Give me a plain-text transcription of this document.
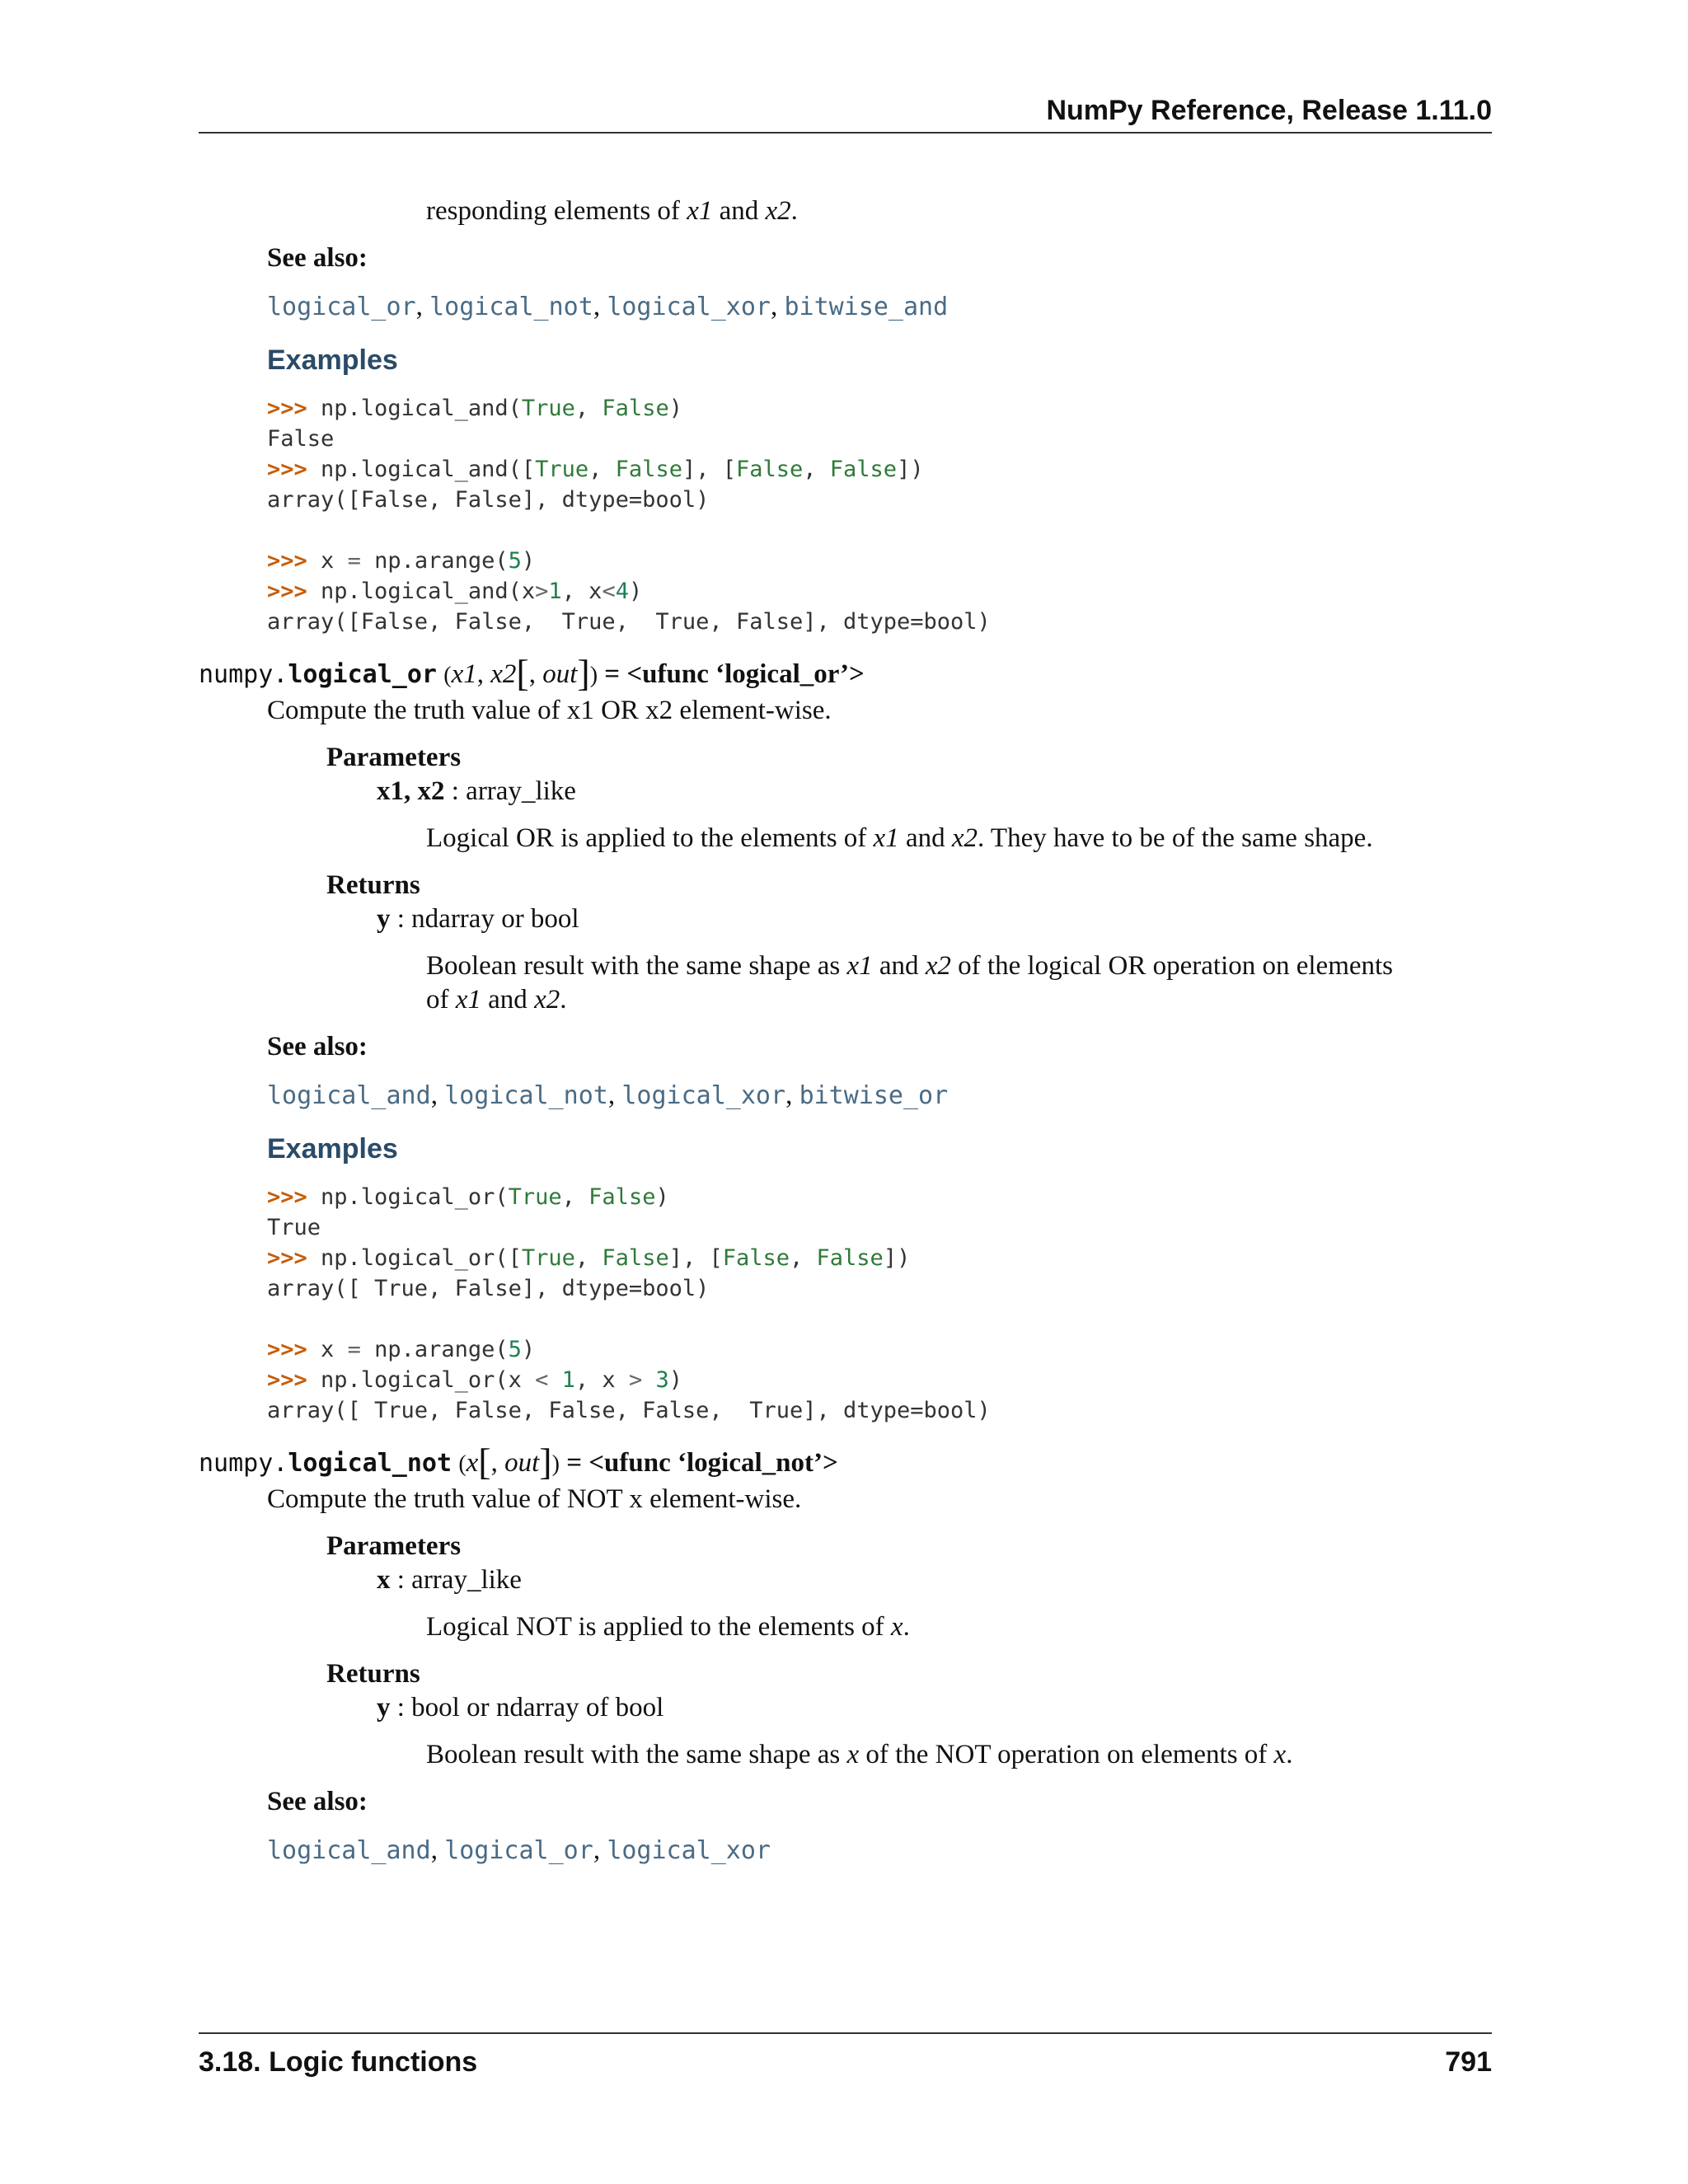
NumPy Reference, Release 1.11.0
responding elements of x1 and x2.
See also:
logical_or, logical_not, logical_xor, bitwise_and
Examples
>>> np.logical_and(True, False)
False
>>> np.logical_and([True, False], [False, False])
array([False, False], dtype=bool)
>>> x = np.arange(5)
>>> np.logical_and(x>1, x<4)
array([False, False,  True,  True, False], dtype=bool)
numpy.logical_or (x1, x2[, out]) = <ufunc ‘logical_or’>
Compute the truth value of x1 OR x2 element-wise.
Parameters
x1, x2 : array_like
Logical OR is applied to the elements of x1 and x2. They have to be of the same shape.
Returns
y : ndarray or bool
Boolean result with the same shape as x1 and x2 of the logical OR operation on elements of x1 and x2.
See also:
logical_and, logical_not, logical_xor, bitwise_or
Examples
>>> np.logical_or(True, False)
True
>>> np.logical_or([True, False], [False, False])
array([ True, False], dtype=bool)
>>> x = np.arange(5)
>>> np.logical_or(x < 1, x > 3)
array([ True, False, False, False,  True], dtype=bool)
numpy.logical_not (x[, out]) = <ufunc ‘logical_not’>
Compute the truth value of NOT x element-wise.
Parameters
x : array_like
Logical NOT is applied to the elements of x.
Returns
y : bool or ndarray of bool
Boolean result with the same shape as x of the NOT operation on elements of x.
See also:
logical_and, logical_or, logical_xor
3.18. Logic functions	791
